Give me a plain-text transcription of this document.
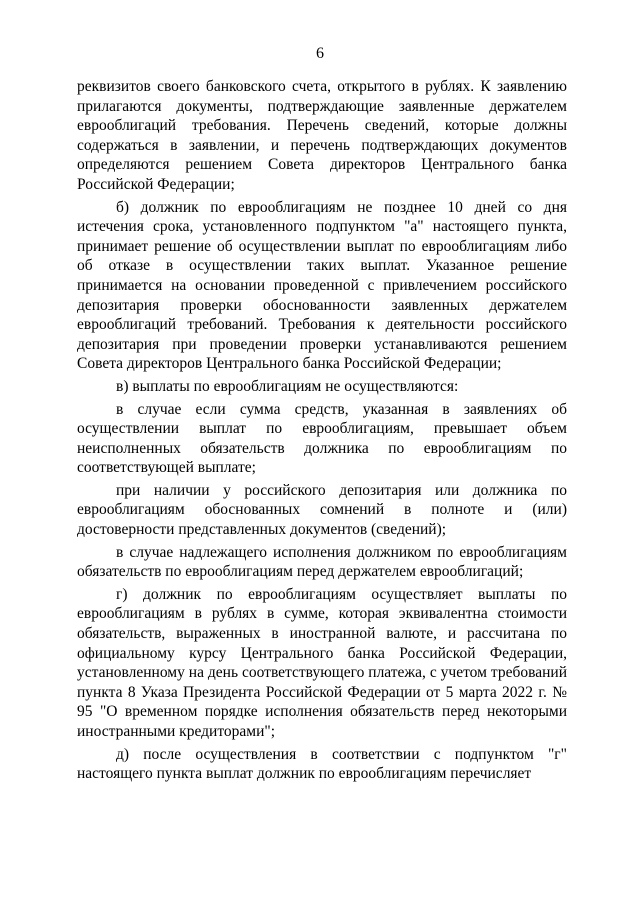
6

реквизитов своего банковского счета, открытого в рублях. К заявлению прилагаются документы, подтверждающие заявленные держателем еврооблигаций требования. Перечень сведений, которые должны содержаться в заявлении, и перечень подтверждающих документов определяются решением Совета директоров Центрального банка Российской Федерации;

б) должник по еврооблигациям не позднее 10 дней со дня истечения срока, установленного подпунктом "а" настоящего пункта, принимает решение об осуществлении выплат по еврооблигациям либо об отказе в осуществлении таких выплат. Указанное решение принимается на основании проведенной с привлечением российского депозитария проверки обоснованности заявленных держателем еврооблигаций требований. Требования к деятельности российского депозитария при проведении проверки устанавливаются решением Совета директоров Центрального банка Российской Федерации;

в) выплаты по еврооблигациям не осуществляются:

в случае если сумма средств, указанная в заявлениях об осуществлении выплат по еврооблигациям, превышает объем неисполненных обязательств должника по еврооблигациям по соответствующей выплате;

при наличии у российского депозитария или должника по еврооблигациям обоснованных сомнений в полноте и (или) достоверности представленных документов (сведений);

в случае надлежащего исполнения должником по еврооблигациям обязательств по еврооблигациям перед держателем еврооблигаций;

г) должник по еврооблигациям осуществляет выплаты по еврооблигациям в рублях в сумме, которая эквивалентна стоимости обязательств, выраженных в иностранной валюте, и рассчитана по официальному курсу Центрального банка Российской Федерации, установленному на день соответствующего платежа, с учетом требований пункта 8 Указа Президента Российской Федерации от 5 марта 2022 г. № 95 "О временном порядке исполнения обязательств перед некоторыми иностранными кредиторами";

д) после осуществления в соответствии с подпунктом "г" настоящего пункта выплат должник по еврооблигациям перечисляет
